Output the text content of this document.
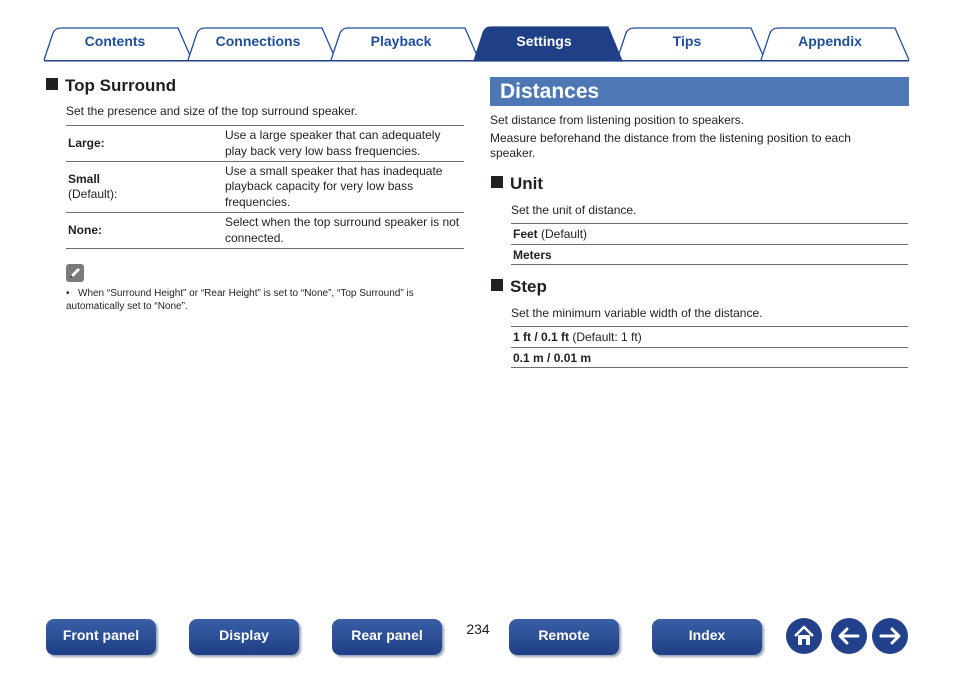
Contents	Connections	Playback	Settings	Tips	Appendix
Top Surround
Set the presence and size of the top surround speaker.
Large:	Use a large speaker that can adequately play back very low bass frequencies.

Small
(Default):	Use a small speaker that has inadequate playback capacity for very low bass frequencies.
None:	Select when the top surround speaker is not connected.
• When “Surround Height” or “Rear Height” is set to “None”, “Top Surround” is automatically set to “None”.
Distances
Set distance from listening position to speakers.
Measure beforehand the distance from the listening position to each speaker.
Unit
Set the unit of distance.
Feet (Default)
Meters
Step
Set the minimum variable width of the distance.
1 ft / 0.1 ft (Default: 1 ft)
0.1 m / 0.01 m
Front panel	Display	Rear panel	234	Remote	Index
